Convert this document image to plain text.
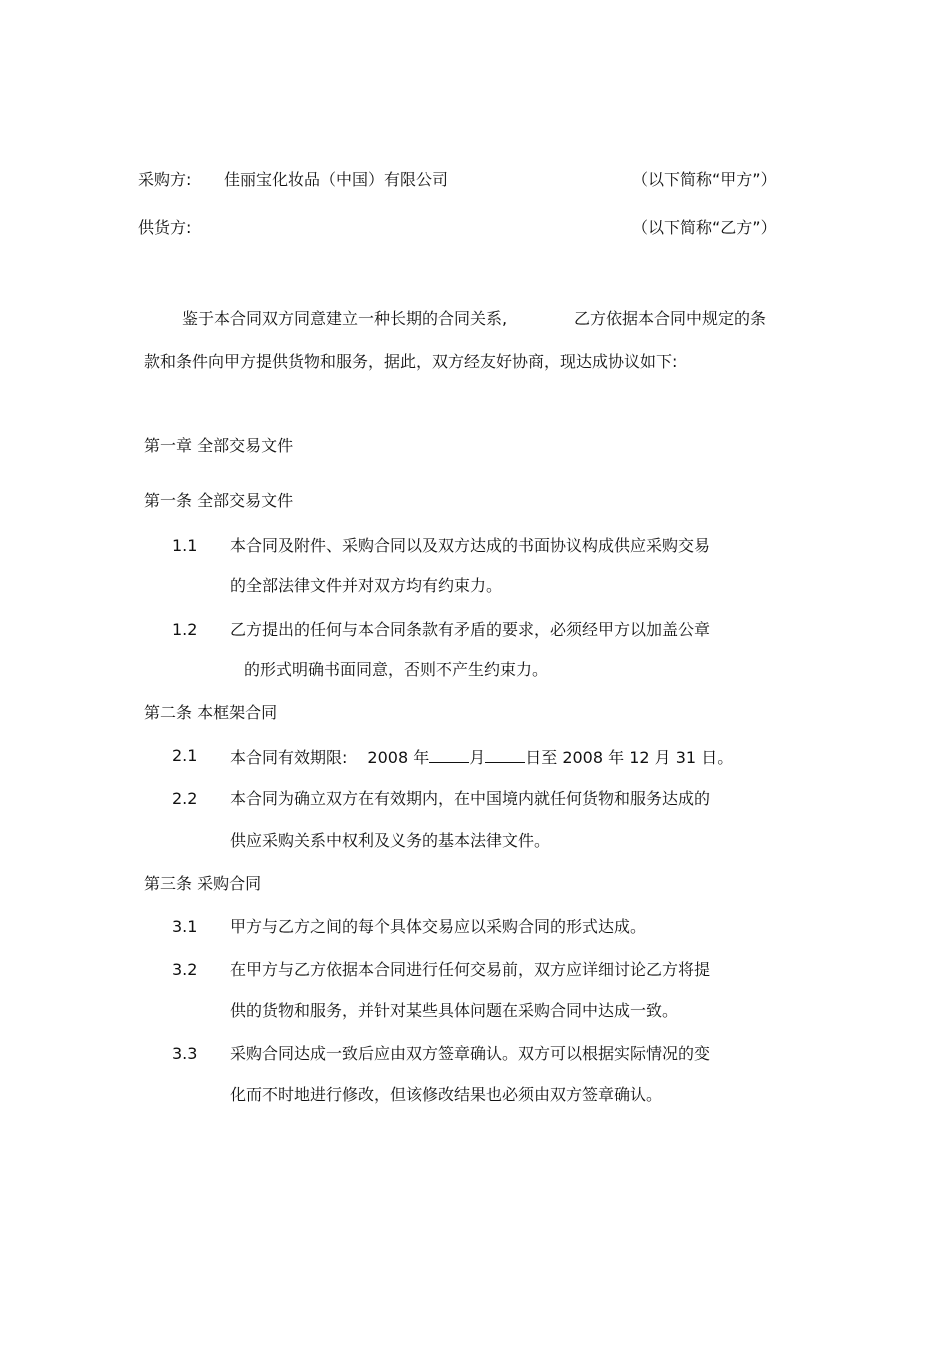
采购方: 佳丽宝化妆品（中国）有限公司	（以下简称“甲方”）
供货方:	（以下简称“乙方”）
鉴于本合同双方同意建立一种长期的合同关系,	乙方依据本合同中规定的条
款和条件向甲方提供货物和服务，据此，双方经友好协商，现达成协议如下:
第一章 全部交易文件
第一条 全部交易文件
1.1 本合同及附件、采购合同以及双方达成的书面协议构成供应采购交易
的全部法律文件并对双方均有约束力。
1.2 乙方提出的任何与本合同条款有矛盾的要求，必须经甲方以加盖公章
的形式明确书面同意，否则不产生约束力。
第二条 本框架合同
2.1 本合同有效期限: 2008 年	月	日至 2008 年 12 月 31 日。
2.2 本合同为确立双方在有效期内，在中国境内就任何货物和服务达成的
供应采购关系中权利及义务的基本法律文件。
第三条 采购合同
3.1 甲方与乙方之间的每个具体交易应以采购合同的形式达成。
3.2 在甲方与乙方依据本合同进行任何交易前，双方应详细讨论乙方将提
供的货物和服务，并针对某些具体问题在采购合同中达成一致。
3.3 采购合同达成一致后应由双方签章确认。双方可以根据实际情况的变
化而不时地进行修改，但该修改结果也必须由双方签章确认。
